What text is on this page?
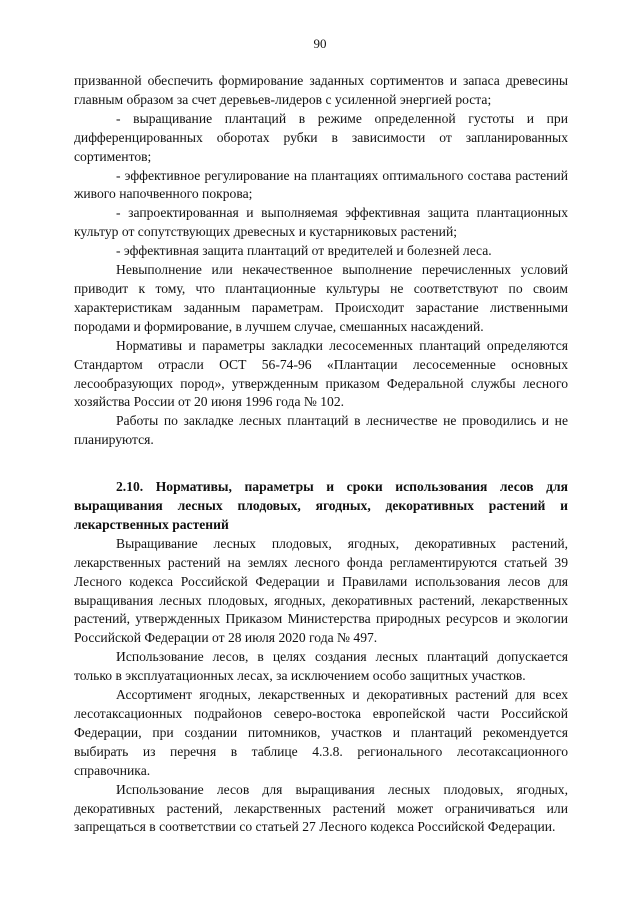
90

призванной обеспечить формирование заданных сортиментов и запаса древесины главным образом за счет деревьев-лидеров с усиленной энергией роста;

- выращивание плантаций в режиме определенной густоты и при дифференцированных оборотах рубки в зависимости от запланированных сортиментов;

- эффективное регулирование на плантациях оптимального состава растений живого напочвенного покрова;

- запроектированная и выполняемая эффективная защита плантационных культур от сопутствующих древесных и кустарниковых растений;

- эффективная защита плантаций от вредителей и болезней леса.

Невыполнение или некачественное выполнение перечисленных условий приводит к тому, что плантационные культуры не соответствуют по своим характеристикам заданным параметрам. Происходит зарастание лиственными породами и формирование, в лучшем случае, смешанных насаждений.

Нормативы и параметры закладки лесосеменных плантаций определяются Стандартом отрасли ОСТ 56-74-96 «Плантации лесосеменные основных лесообразующих пород», утвержденным приказом Федеральной службы лесного хозяйства России от 20 июня 1996 года № 102.

Работы по закладке лесных плантаций в лесничестве не проводились и не планируются.

2.10. Нормативы, параметры и сроки использования лесов для выращивания лесных плодовых, ягодных, декоративных растений и лекарственных растений

Выращивание лесных плодовых, ягодных, декоративных растений, лекарственных растений на землях лесного фонда регламентируются статьей 39 Лесного кодекса Российской Федерации и Правилами использования лесов для выращивания лесных плодовых, ягодных, декоративных растений, лекарственных растений, утвержденных Приказом Министерства природных ресурсов и экологии Российской Федерации от 28 июля 2020 года № 497.

Использование лесов, в целях создания лесных плантаций допускается только в эксплуатационных лесах, за исключением особо защитных участков.

Ассортимент ягодных, лекарственных и декоративных растений для всех лесотаксационных подрайонов северо-востока европейской части Российской Федерации, при создании питомников, участков и плантаций рекомендуется выбирать из перечня в таблице 4.3.8. регионального лесотаксационного справочника.

Использование лесов для выращивания лесных плодовых, ягодных, декоративных растений, лекарственных растений может ограничиваться или запрещаться в соответствии со статьей 27 Лесного кодекса Российской Федерации.
